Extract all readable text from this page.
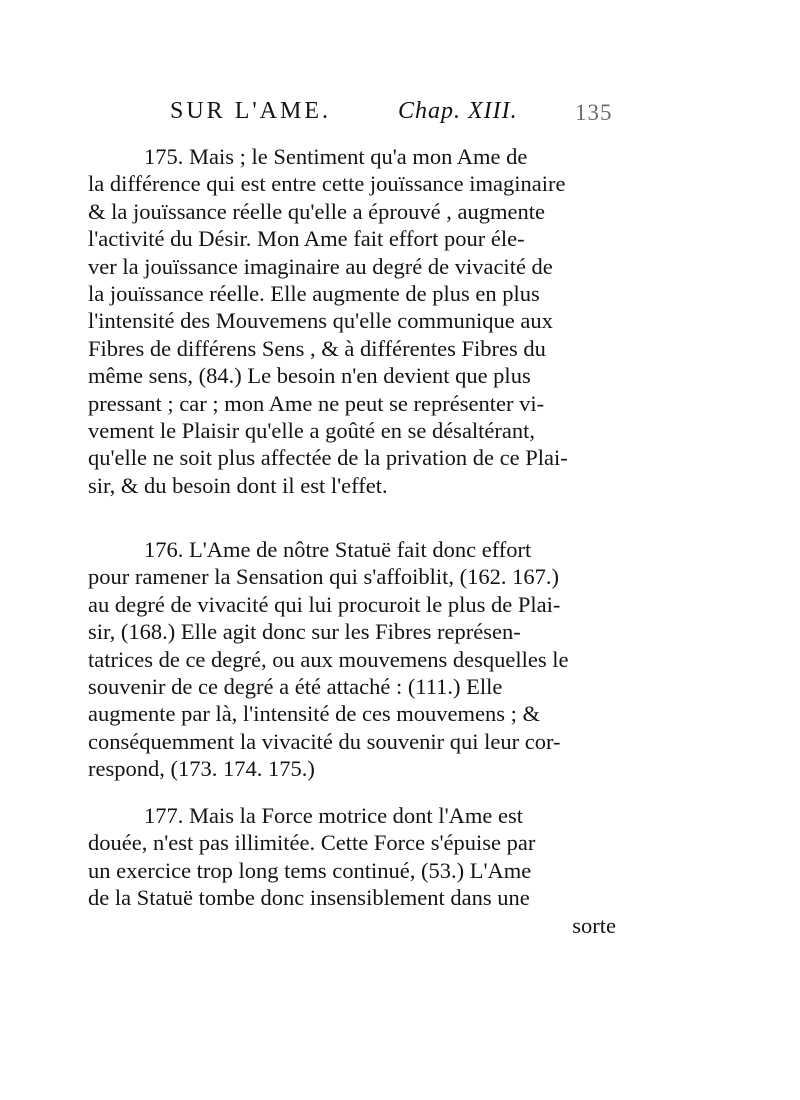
SUR L'AME.	Chap. XIII. 135
175. Mais ; le Sentiment qu'a mon Ame de
la différence qui est entre cette jouïssance imaginaire
& la jouïssance réelle qu'elle a éprouvé , augmente
l'activité du Désir. Mon Ame fait effort pour éle-
ver la jouïssance imaginaire au degré de vivacité de
la jouïssance réelle. Elle augmente de plus en plus
l'intensité des Mouvemens qu'elle communique aux
Fibres de différens Sens , & à différentes Fibres du
même sens, (84.) Le besoin n'en devient que plus
pressant ; car ; mon Ame ne peut se représenter vi-
vement le Plaisir qu'elle a goûté en se désaltérant,
qu'elle ne soit plus affectée de la privation de ce Plai-
sir, & du besoin dont il est l'effet.
176. L'Ame de nôtre Statuë fait donc effort
pour ramener la Sensation qui s'affoiblit, (162. 167.)
au degré de vivacité qui lui procuroit le plus de Plai-
sir, (168.) Elle agit donc sur les Fibres représen-
tatrices de ce degré, ou aux mouvemens desquelles le
souvenir de ce degré a été attaché : (111.) Elle
augmente par là, l'intensité de ces mouvemens ; &
conséquemment la vivacité du souvenir qui leur cor-
respond, (173. 174. 175.)
177. Mais la Force motrice dont l'Ame est
douée, n'est pas illimitée. Cette Force s'épuise par
un exercice trop long tems continué, (53.) L'Ame
de la Statuë tombe donc insensiblement dans une
sorte
